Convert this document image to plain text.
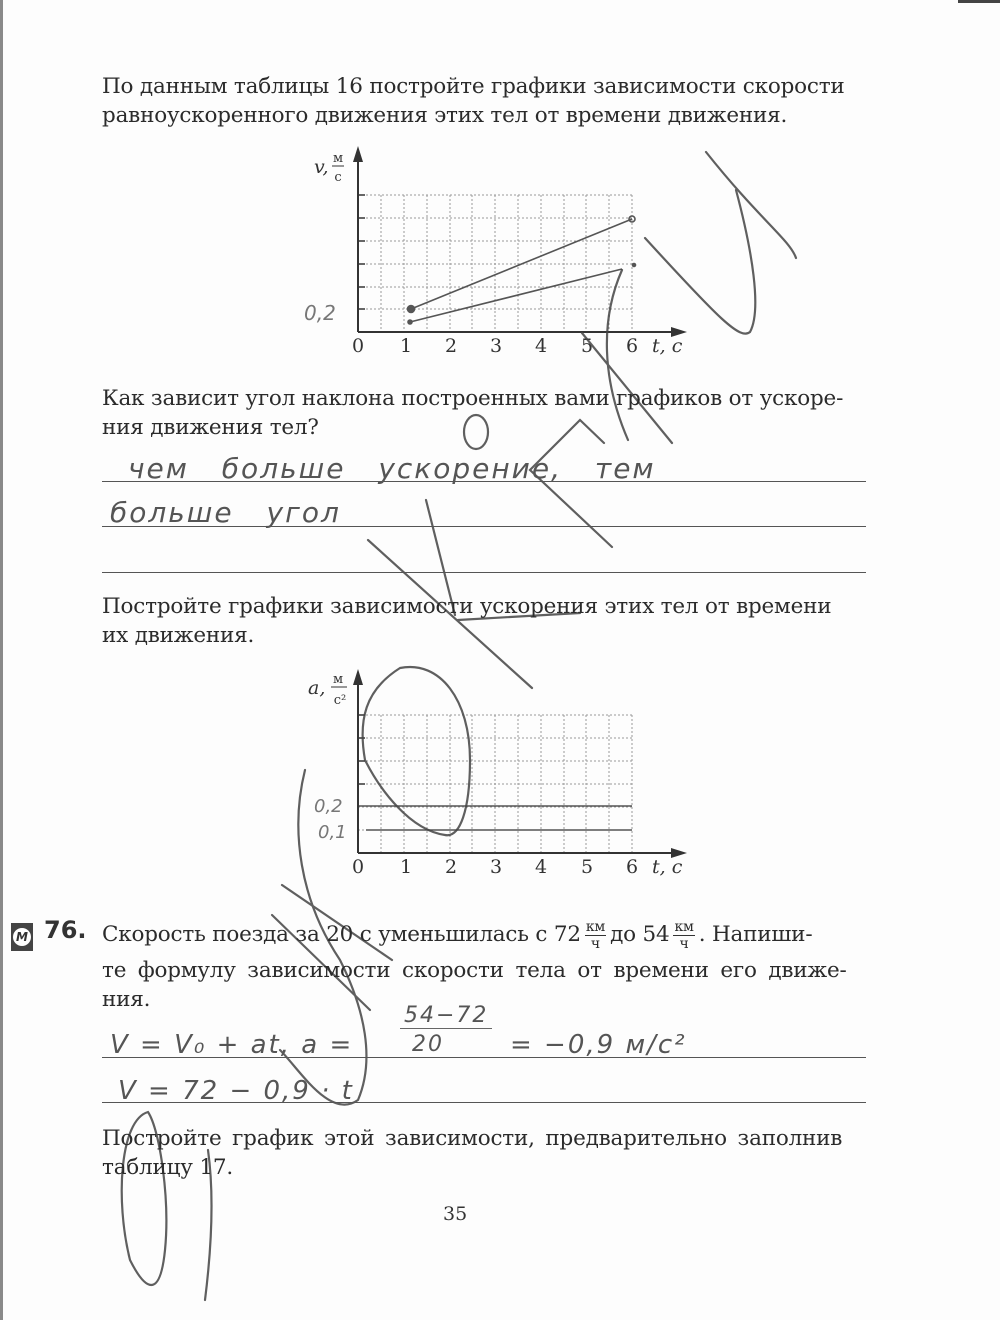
По данным таблицы 16 постройте графики зависимости скорости
равноускоренного движения этих тел от времени движения.
v, м
с
0 1 2 3 4 5 6 t, с
0,2
a, м
с²
0 1 2 3 4 5 6 t, с
0,2
0,1
Как зависит угол наклона построенных вами графиков от ускоре-
ния движения тел?
чем больше ускорение, тем
больше угол
Постройте графики зависимости ускорения этих тел от времени
их движения.
М 76. Скорость поезда за 20 с уменьшилась с $72 \frac{км}{ч}$ до $54 \frac{км}{ч}$ . Напиши-
те формулу зависимости скорости тела от времени его движе-
ния.
V = V₀ + at, a =
54−72
20	= −0,9 м/с²
V = 72 − 0,9 · t
Постройте график этой зависимости, предварительно заполнив
таблицу 17.
35
